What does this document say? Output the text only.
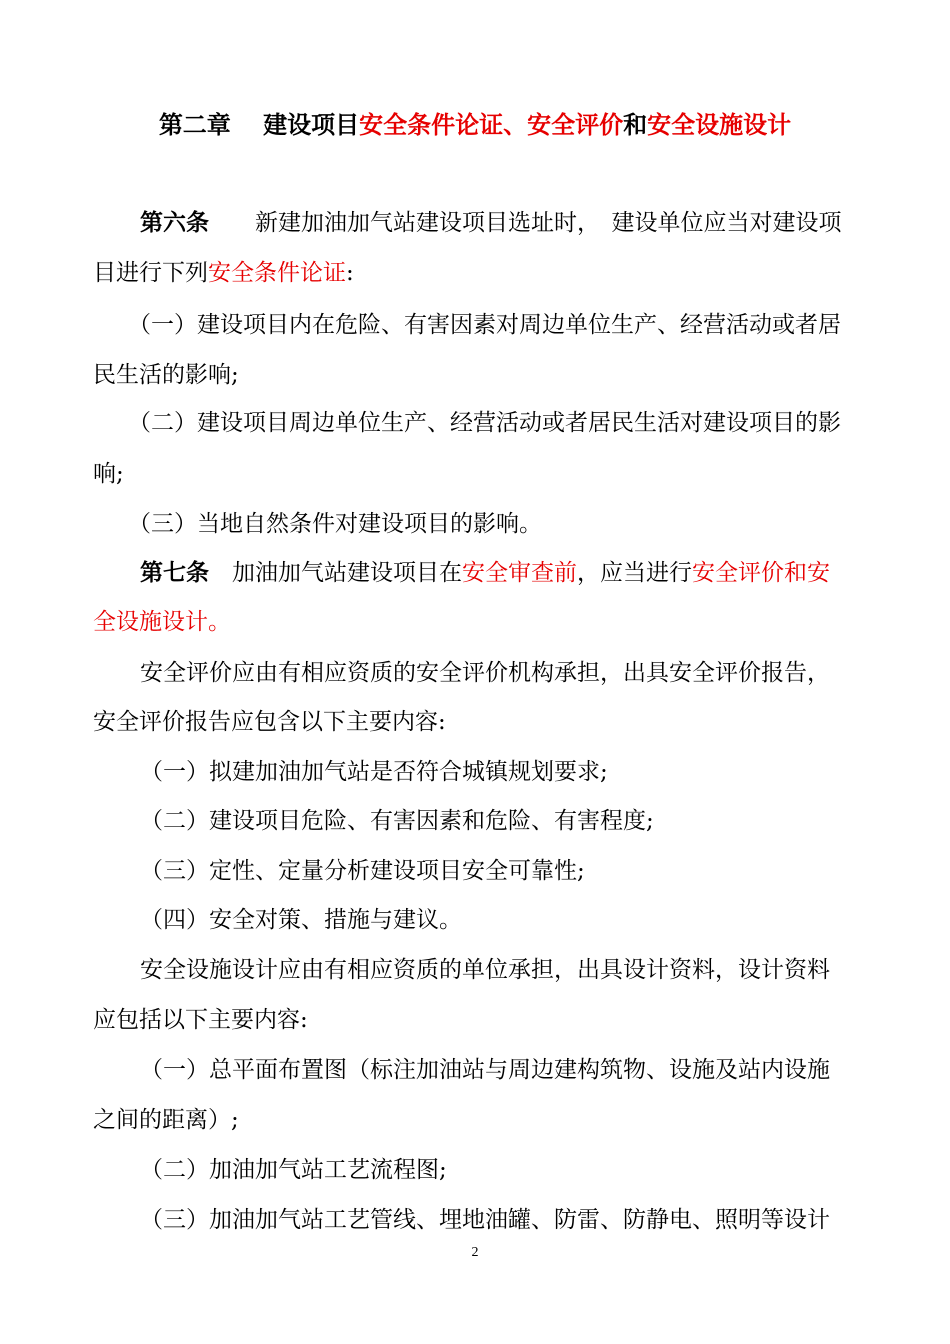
第二章　 建设项目安全条件论证、安全评价和安全设施设计
第六条　　 新建加油加气站建设项目选址时，　 建设单位应当对建设项
目进行下列安全条件论证:
（一）建设项目内在危险、有害因素对周边单位生产、经营活动或者居
民生活的影响;
（二）建设项目周边单位生产、经营活动或者居民生活对建设项目的影
响;
（三）当地自然条件对建设项目的影响。
第七条　 加油加气站建设项目在安全审查前，应当进行安全评价和安
全设施设计。
安全评价应由有相应资质的安全评价机构承担，出具安全评价报告，
安全评价报告应包含以下主要内容:
（一）拟建加油加气站是否符合城镇规划要求;
（二）建设项目危险、有害因素和危险、有害程度;
（三）定性、定量分析建设项目安全可靠性;
（四）安全对策、措施与建议。
安全设施设计应由有相应资质的单位承担，出具设计资料，设计资料
应包括以下主要内容:
（一）总平面布置图（标注加油站与周边建构筑物、设施及站内设施
之间的距离）;
（二）加油加气站工艺流程图;
（三）加油加气站工艺管线、埋地油罐、防雷、防静电、照明等设计
2
